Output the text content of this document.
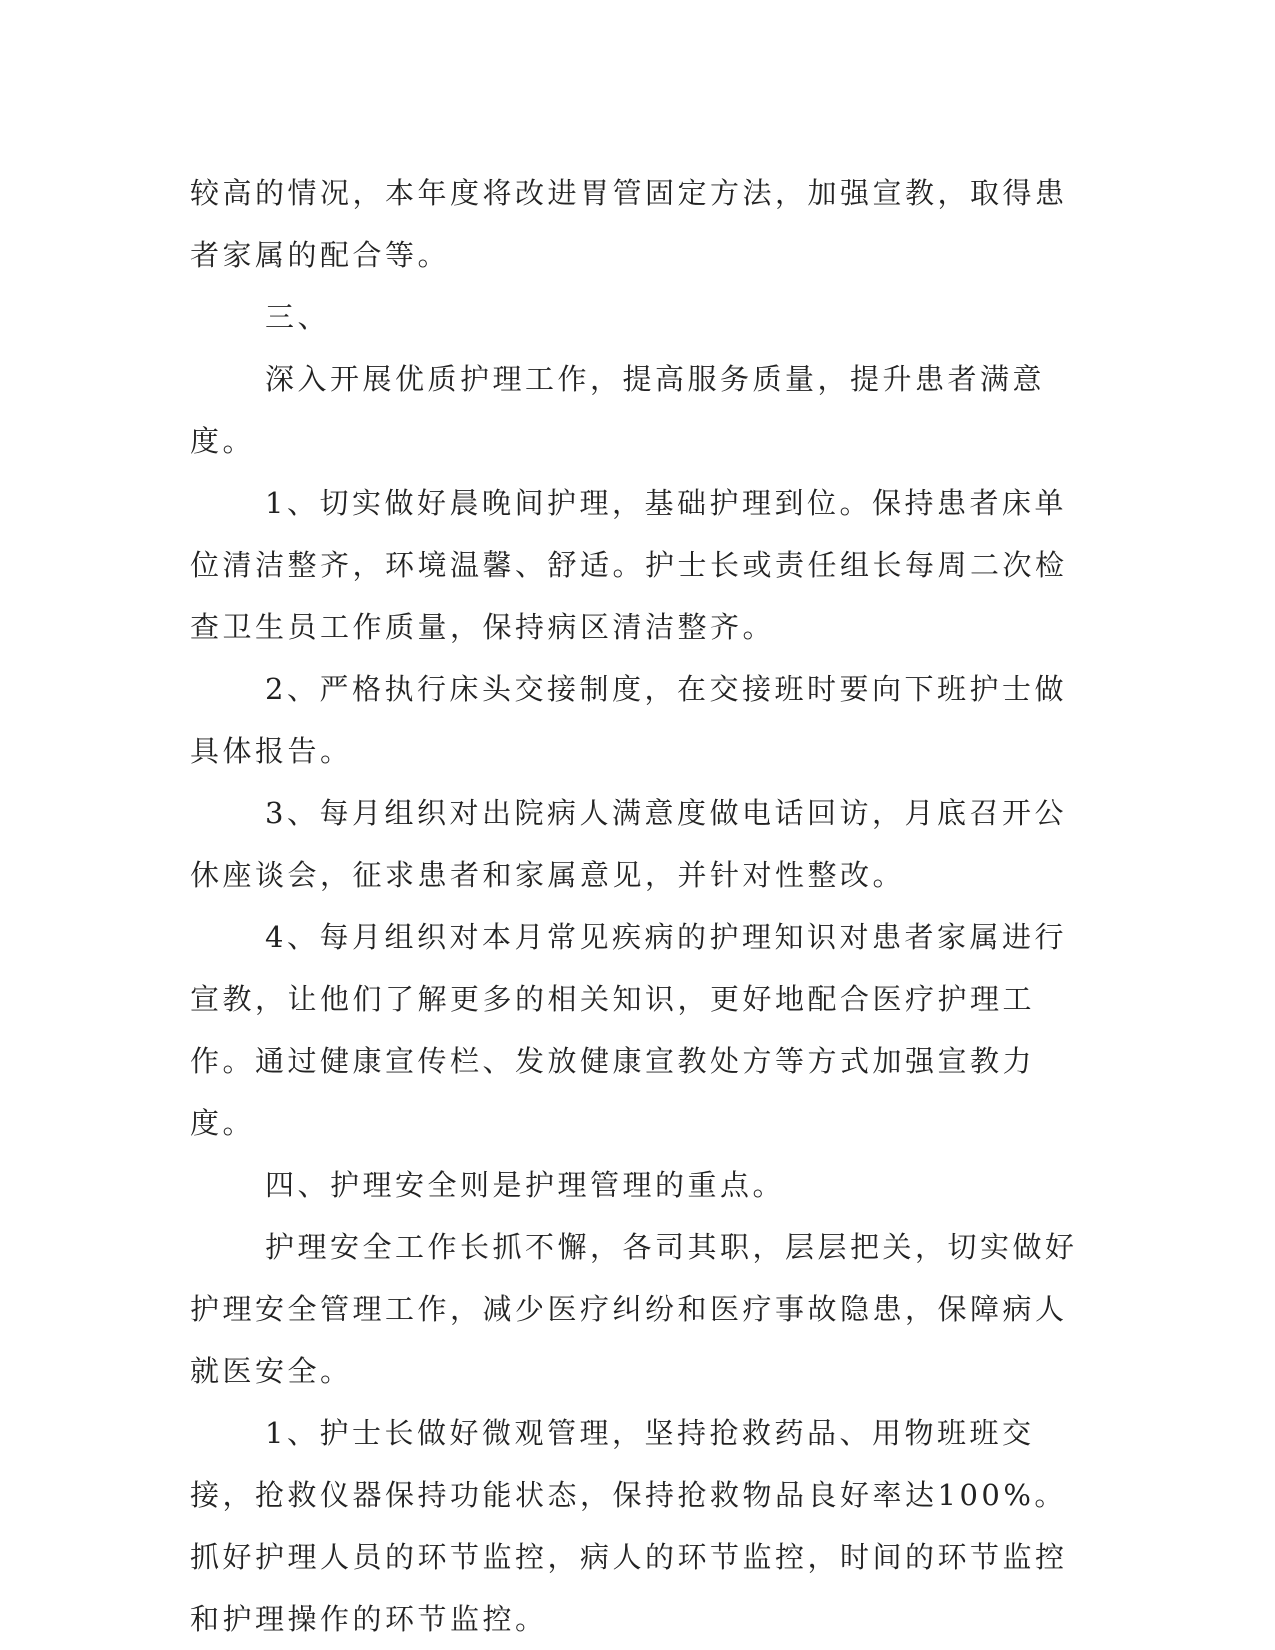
较高的情况，本年度将改进胃管固定方法，加强宣教，取得患者家属的配合等。

三、

深入开展优质护理工作，提高服务质量，提升患者满意度。

1、切实做好晨晚间护理，基础护理到位。保持患者床单位清洁整齐，环境温馨、舒适。护士长或责任组长每周二次检查卫生员工作质量，保持病区清洁整齐。

2、严格执行床头交接制度，在交接班时要向下班护士做具体报告。

3、每月组织对出院病人满意度做电话回访，月底召开公休座谈会，征求患者和家属意见，并针对性整改。

4、每月组织对本月常见疾病的护理知识对患者家属进行宣教，让他们了解更多的相关知识，更好地配合医疗护理工作。通过健康宣传栏、发放健康宣教处方等方式加强宣教力度。

四、护理安全则是护理管理的重点。

护理安全工作长抓不懈，各司其职，层层把关，切实做好护理安全管理工作，减少医疗纠纷和医疗事故隐患，保障病人就医安全。

1、护士长做好微观管理，坚持抢救药品、用物班班交接，抢救仪器保持功能状态，保持抢救物品良好率达100%。抓好护理人员的环节监控，病人的环节监控，时间的环节监控和护理操作的环节监控。
